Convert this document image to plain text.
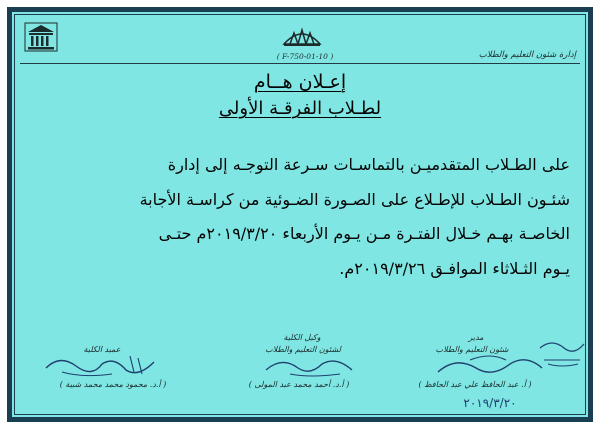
إدارة شئون التعليم والطلاب
( F-750-01-10 )
إعـلان هــام
لطـلاب الفرقـة الأولى
على الطـلاب المتقدميـن بالتماسـات سـرعة التوجـه إلى إدارة
شئـون الطـلاب للإطـلاع على الصـورة الضـوئية من كراسـة الأجابة
الخاصـة بهـم خـلال الفتـرة مـن يـوم الأربعاء ٢٠١٩/٣/٢٠م حتـى
يـوم الثـلاثاء الموافـق ٢٠١٩/٣/٢٦م.
مدير
شئون التعليم والطلاب
( أ. عبد الحافظ علي عبد الحافظ )
وكيل الكلية
لشئون التعليم والطلاب
( أ.د. أحمد محمد عبد المولى )
عميد الكلية
( أ.د. محمود محمد محمد شبية )
٢٠١٩/٣/٢٠
